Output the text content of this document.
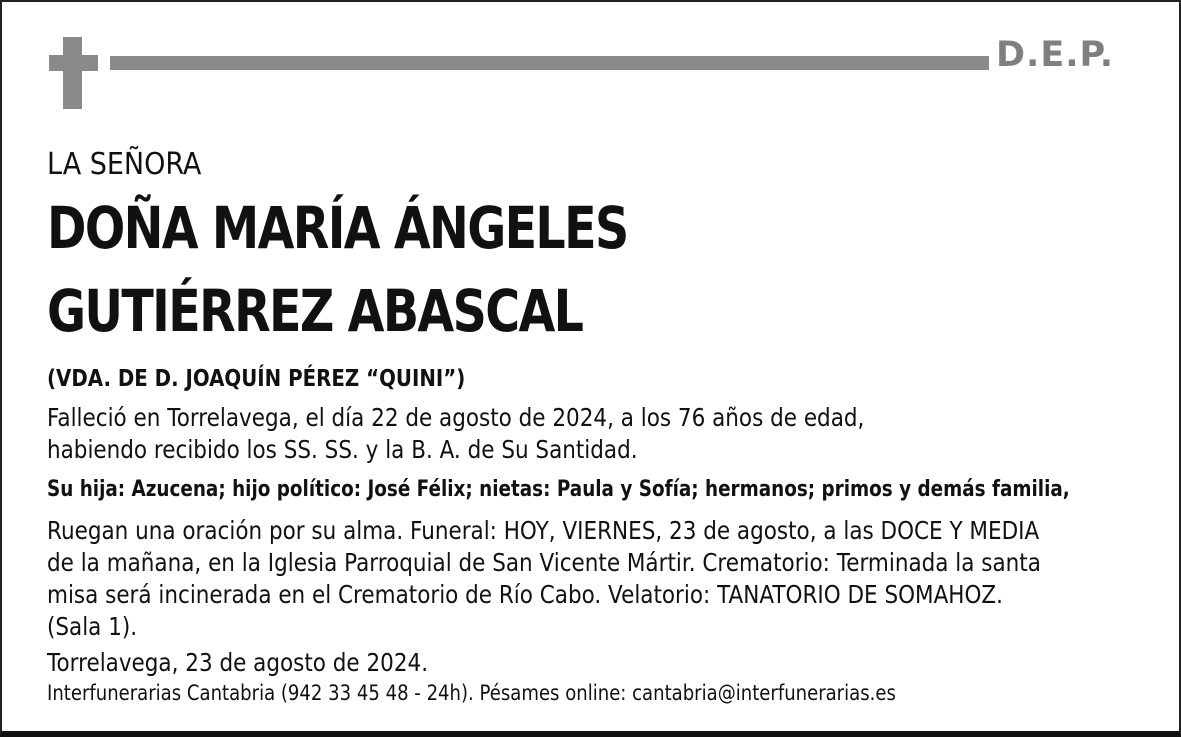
D.E.P.
LA SEÑORA
DOÑA MARÍA ÁNGELES
GUTIÉRREZ ABASCAL
(VDA. DE D. JOAQUÍN PÉREZ “QUINI”)
Falleció en Torrelavega, el día 22 de agosto de 2024, a los 76 años de edad,
habiendo recibido los SS. SS. y la B. A. de Su Santidad.
Su hija: Azucena; hijo político: José Félix; nietas: Paula y Sofía; hermanos; primos y demás familia,
Ruegan una oración por su alma. Funeral: HOY, VIERNES, 23 de agosto, a las DOCE Y MEDIA
de la mañana, en la Iglesia Parroquial de San Vicente Mártir. Crematorio: Terminada la santa
misa será incinerada en el Crematorio de Río Cabo. Velatorio: TANATORIO DE SOMAHOZ.
(Sala 1).
Torrelavega, 23 de agosto de 2024.
Interfunerarias Cantabria (942 33 45 48 - 24h). Pésames online: cantabria@interfunerarias.es
